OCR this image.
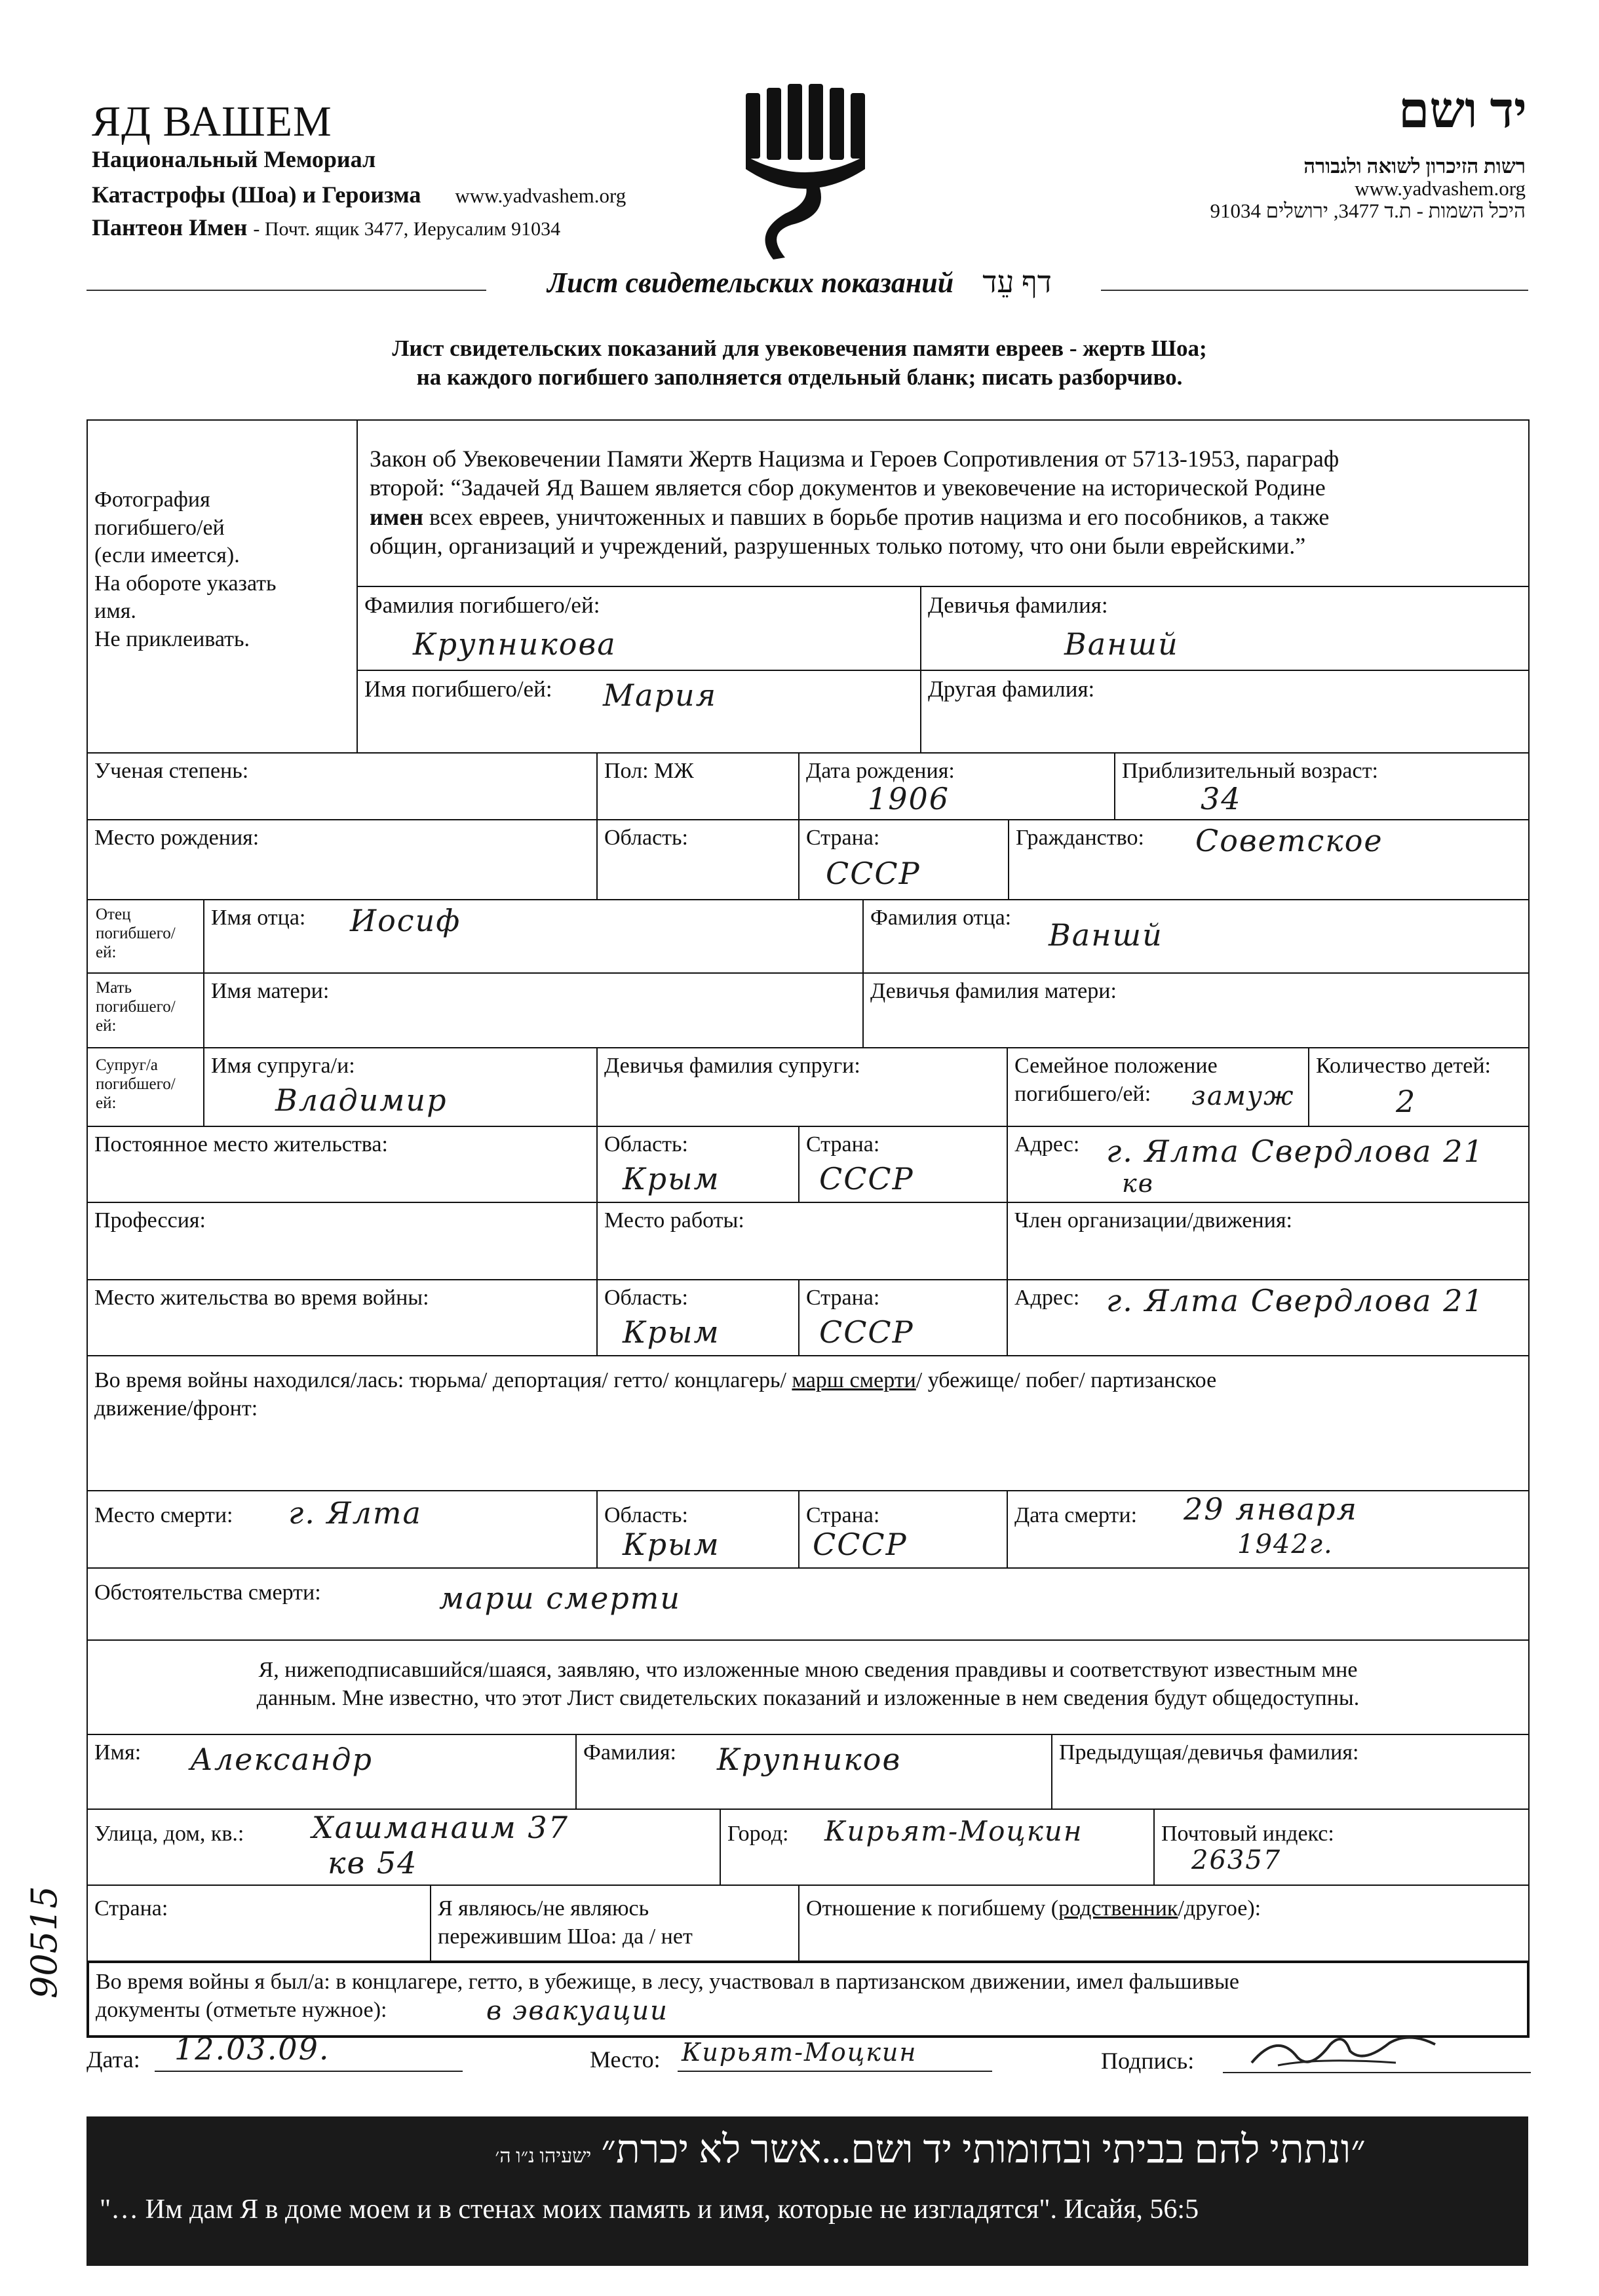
ЯД ВАШЕМ
Национальный Мемориал
Катастрофы (Шоа) и Героизма www.yadvashem.org
Пантеон Имен - Почт. ящик 3477, Иерусалим 91034
יד ושם
רשות הזיכרון לשואה ולגבורה
www.yadvashem.org
היכל השמות - ת.ד 3477, ירושלים 91034
Лист свидетельских показаний דף עֵד
Лист свидетельских показаний для увековечения памяти евреев - жертв Шоа;
на каждого погибшего заполняется отдельный бланк; писать разборчиво.
Фотография
погибшего/ей
(если имеется).
На обороте указать
имя.
Не приклеивать.
Закон об Увековечении Памяти Жертв Нацизма и Героев Сопротивления от 5713-1953, параграф
второй: “Задачей Яд Вашем является сбор документов и увековечение на исторической Родине
имен всех евреев, уничтоженных и павших в борьбе против нацизма и его пособников, а также
общин, организаций и учреждений, разрушенных только потому, что они были еврейскими.”
Фамилия погибшего/ей:
Крупникова
Девичья фамилия:
Ваншй
Имя погибшего/ей:	Мария	Другая фамилия:
Ученая степень:	Пол: МЖ	Дата рождения:
1906
Приблизительный возраст:
34
Место рождения:	Область:	Страна:
СССР
Гражданство:	Советское
Отец погибшего/ ей:
Имя отца:	Иосиф	Фамилия отца:	Ваншй
Мать погибшего/ ей:
Имя матери:	Девичья фамилия матери:
Супруг/а погибшего/ ей:
Имя супруга/и:
Владимир
Девичья фамилия супруги:	Семейное положение погибшего/ей:	замуж
Количество детей:
2
Постоянное место жительства:	Область:
Крым
Страна:
СССР
Адрес: г. Ялта Свердлова 21
кв
Профессия:	Место работы:	Член организации/движения:
Место жительства во время войны:	Область:
Крым
Страна:
СССР
Адрес: г. Ялта Свердлова 21
Во время войны находился/лась: тюрьма/ депортация/ гетто/ концлагерь/ марш смерти/ убежище/ побег/ партизанское
движение/фронт:
Место смерти:	г. Ялта	Область:
Крым
Страна:
СССР
Дата смерти:	29 января
1942г.
Обстоятельства смерти:	марш смерти
Я, нижеподписавшийся/шаяся, заявляю, что изложенные мною сведения правдивы и соответствуют известным мне
данным. Мне известно, что этот Лист свидетельских показаний и изложенные в нем сведения будут общедоступны.
Имя:	Александр	Фамилия:	Крупников	Предыдущая/девичья фамилия:
Улица, дом, кв.:	Хашманаим 37
кв 54
Город:	Кирьят-Моцкин	Почтовый индекс:
26357
Страна:	Я являюсь/не являюсь
пережившим Шоа: да / нет
Отношение к погибшему (родственник/другое):
Во время войны я был/а: в концлагере, гетто, в убежище, в лесу, участвовал в партизанском движении, имел фальшивые
документы (отметьте нужное):	в эвакуации
90515
Дата: 12.03.09.	Место: Кирьят-Моцкин	Подпись:
״ונתתי להם בביתי ובחומותי יד ושם...אשר לא יכרת״ ישעיהו נ״ו ה׳
"… Им дам Я в доме моем и в стенах моих память и имя, которые не изгладятся". Исайя, 56:5
